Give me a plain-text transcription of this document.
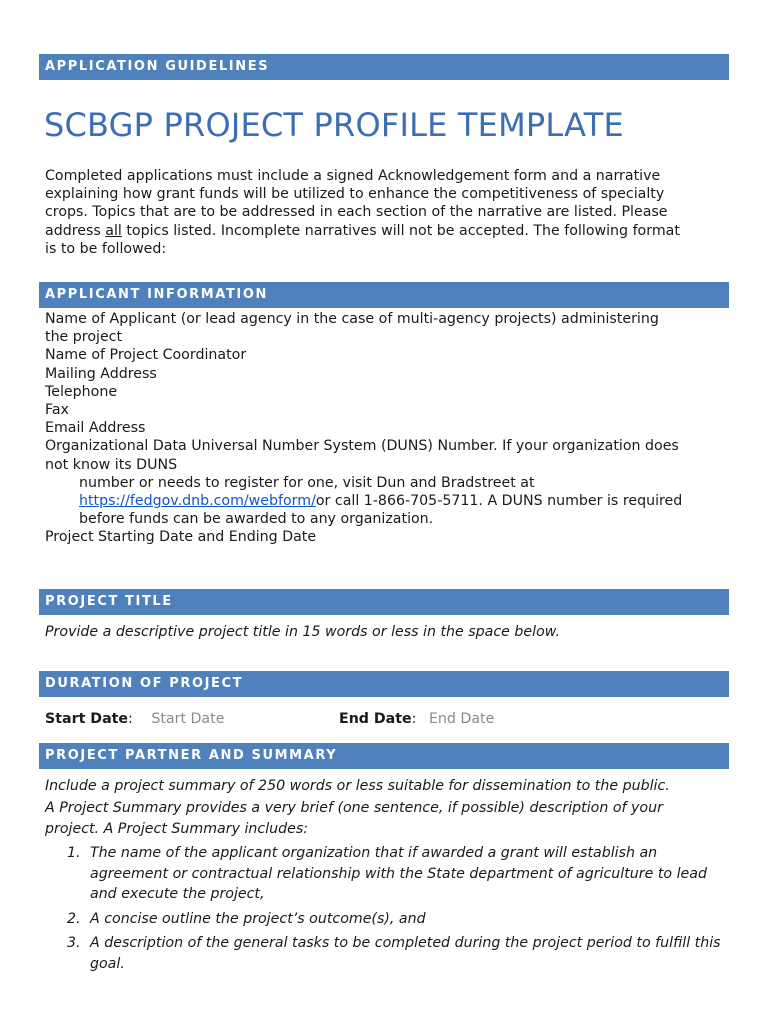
APPLICATION GUIDELINES
SCBGP PROJECT PROFILE TEMPLATE
Completed applications must include a signed Acknowledgement form and a narrative
explaining how grant funds will be utilized to enhance the competitiveness of specialty
crops. Topics that are to be addressed in each section of the narrative are listed. Please
address all topics listed. Incomplete narratives will not be accepted. The following format
is to be followed:
APPLICANT INFORMATION
Name of Applicant (or lead agency in the case of multi-agency projects) administering
the project
Name of Project Coordinator
Mailing Address
Telephone
Fax
Email Address
Organizational Data Universal Number System (DUNS) Number. If your organization does
not know its DUNS
number or needs to register for one, visit Dun and Bradstreet at
https://fedgov.dnb.com/webform/or call 1-866-705-5711. A DUNS number is required
before funds can be awarded to any organization.
Project Starting Date and Ending Date
PROJECT TITLE
Provide a descriptive project title in 15 words or less in the space below.
DURATION OF PROJECT
Start Date: Start Date	End Date: End Date
PROJECT PARTNER AND SUMMARY
Include a project summary of 250 words or less suitable for dissemination to the public.
A Project Summary provides a very brief (one sentence, if possible) description of your
project. A Project Summary includes:
1. The name of the applicant organization that if awarded a grant will establish an agreement or contractual relationship with the State department of agriculture to lead and execute the project,
2. A concise outline the project’s outcome(s), and
3. A description of the general tasks to be completed during the project period to fulfill this goal.
